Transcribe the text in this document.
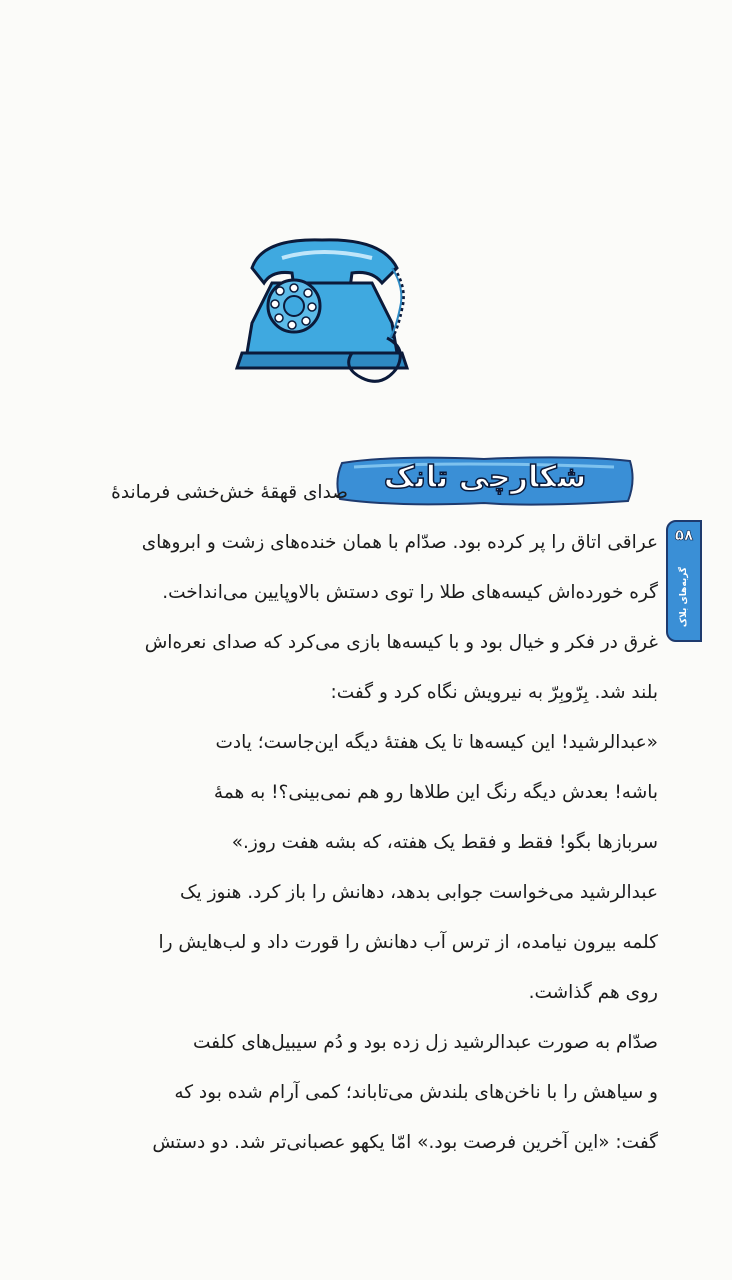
شکارچی تانک
۵۸
گربه‌های بلاک
صدای قهقهٔ خش‌خشی فرماندهٔ
عراقی اتاق را پر کرده بود. صدّام با همان خنده‌های زشت و ابروهای
گره خورده‌اش کیسه‌های طلا را توی دستش بالاوپایین می‌انداخت.
غرق در فکر و خیال بود و با کیسه‌ها بازی می‌کرد که صدای نعره‌اش
بلند شد. بِرّوبِرّ به نیرویش نگاه کرد و گفت:
«عبدالرشید! این کیسه‌ها تا یک هفتهٔ دیگه این‌جاست؛ یادت
باشه! بعدش دیگه رنگ این طلاها رو هم نمی‌بینی؟! به همهٔ
سربازها بگو! فقط و فقط یک هفته، که بشه هفت روز.»
عبدالرشید می‌خواست جوابی بدهد، دهانش را باز کرد. هنوز یک
کلمه بیرون نیامده، از ترس آب دهانش را قورت داد و لب‌هایش را
روی هم گذاشت.
صدّام به صورت عبدالرشید زل زده بود و دُم سیبیل‌های کلفت
و سیاهش را با ناخن‌های بلندش می‌تاباند؛ کمی آرام شده بود که
گفت: «این آخرین فرصت بود.» امّا یکهو عصبانی‌تر شد. دو دستش
